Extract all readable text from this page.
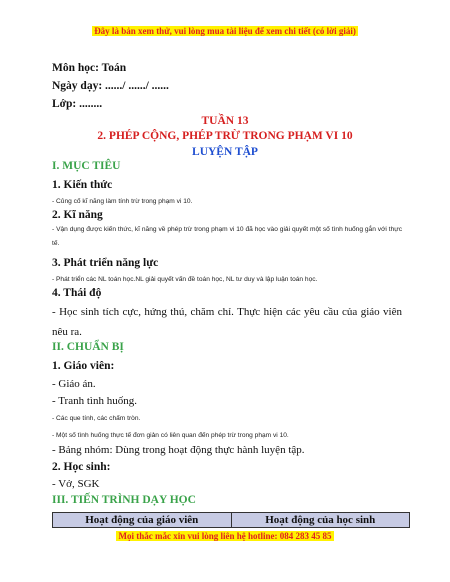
Đây là bản xem thử, vui lòng mua tài liệu để xem chi tiết (có lời giải)
Môn học: Toán
Ngày dạy: ....../ ....../ ......
Lớp: ........
TUẦN 13
2. PHÉP CỘNG, PHÉP TRỪ TRONG PHẠM VI 10
LUYỆN TẬP
I. MỤC TIÊU
1. Kiến thức
- Củng cố kĩ năng làm tính trừ trong phạm vi 10.
2. Kĩ năng
- Vận dụng được kiến thức, kĩ năng về phép trừ trong phạm vi 10 đã học vào giải quyết một số tình huống gắn với thực tế.
3. Phát triển năng lực
- Phát triển các NL toán học.NL giải quyết vấn đề toán học, NL tư duy và lập luận toán học.
4. Thái độ
- Học sinh tích cực, hứng thú, chăm chỉ. Thực hiện các yêu cầu của giáo viên nêu ra.
II. CHUẨN BỊ
1. Giáo viên:
- Giáo án.
- Tranh tình huống.
- Các que tính, các chấm tròn.
- Một số tình huống thực tế đơn giản có liên quan đến phép trừ trong phạm vi 10.
- Bảng nhóm: Dùng trong hoạt động thực hành luyện tập.
2. Học sinh:
- Vở, SGK
III. TIẾN TRÌNH DẠY HỌC
Hoạt động của giáo viên	Hoạt động của học sinh
Mọi thắc mắc xin vui lòng liên hệ hotline: 084 283 45 85
